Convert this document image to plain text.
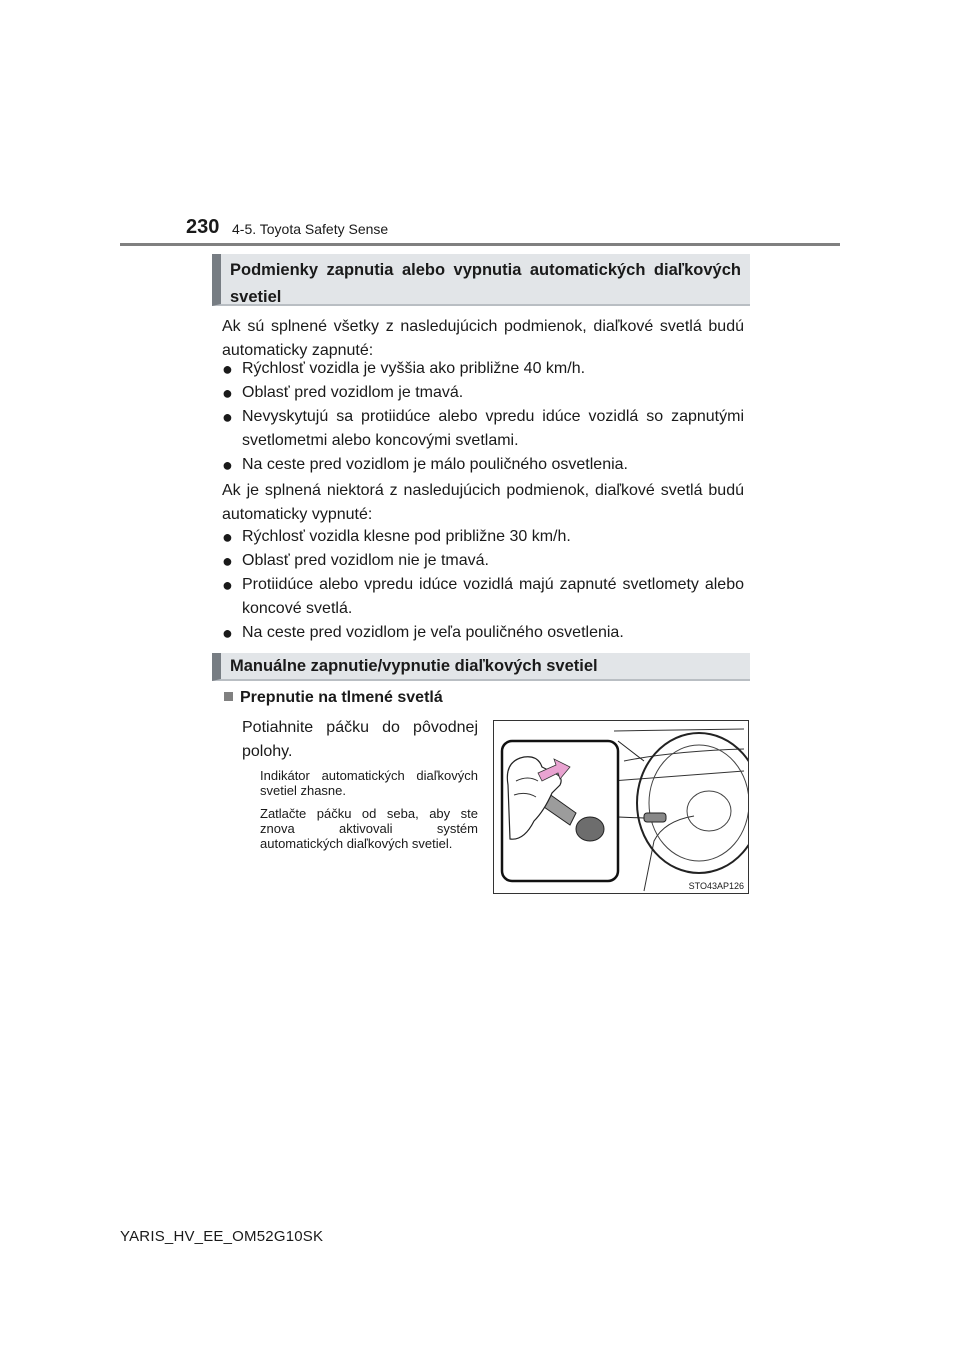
230 4-5. Toyota Safety Sense
Podmienky zapnutia alebo vypnutia automatických diaľkových svetiel
Ak sú splnené všetky z nasledujúcich podmienok, diaľkové svetlá budú automaticky zapnuté:
● Rýchlosť vozidla je vyššia ako približne 40 km/h.
● Oblasť pred vozidlom je tmavá.
● Nevyskytujú sa protiidúce alebo vpredu idúce vozidlá so zapnutými svetlometmi alebo koncovými svetlami.
● Na ceste pred vozidlom je málo pouličného osvetlenia.
Ak je splnená niektorá z nasledujúcich podmienok, diaľkové svetlá budú automaticky vypnuté:
● Rýchlosť vozidla klesne pod približne 30 km/h.
● Oblasť pred vozidlom nie je tmavá.
● Protiidúce alebo vpredu idúce vozidlá majú zapnuté svetlomety alebo koncové svetlá.
● Na ceste pred vozidlom je veľa pouličného osvetlenia.
Manuálne zapnutie/vypnutie diaľkových svetiel
Prepnutie na tlmené svetlá
Potiahnite páčku do pôvodnej polohy.
Indikátor automatických diaľkových svetiel zhasne.
Zatlačte páčku od seba, aby ste znova aktivovali systém automatických diaľkových svetiel.
STO43AP126
YARIS_HV_EE_OM52G10SK
